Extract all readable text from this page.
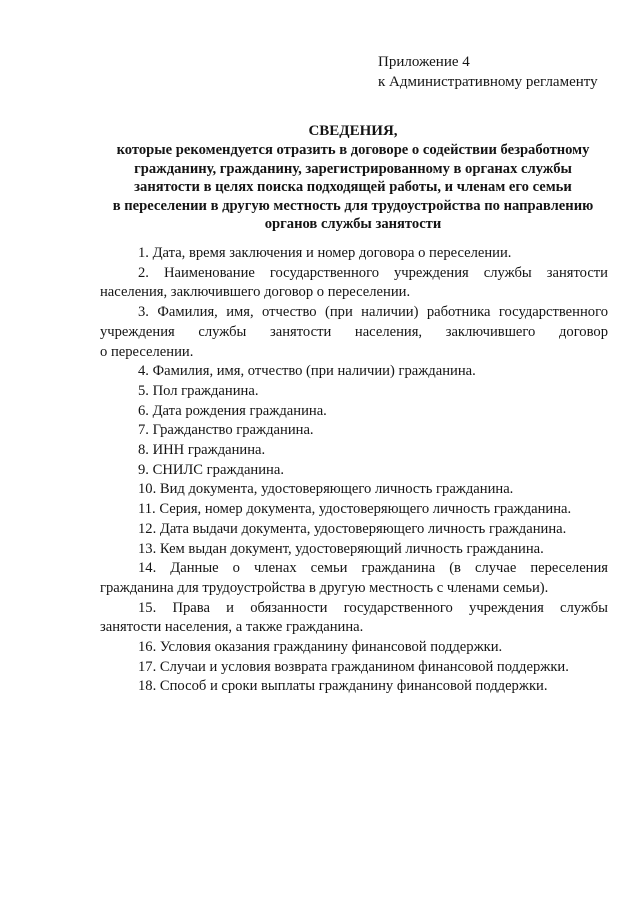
Приложение 4
к Административному регламенту
СВЕДЕНИЯ,
которые рекомендуется отразить в договоре о содействии безработному
гражданину, гражданину, зарегистрированному в органах службы
занятости в целях поиска подходящей работы, и членам его семьи
в переселении в другую местность для трудоустройства по направлению
органов службы занятости

1. Дата, время заключения и номер договора о переселении.

2. Наименование государственного учреждения службы занятости
населения, заключившего договор о переселении.

3. Фамилия, имя, отчество (при наличии) работника государственного
учреждения службы занятости населения, заключившего договор
о переселении.

4. Фамилия, имя, отчество (при наличии) гражданина.

5. Пол гражданина.

6. Дата рождения гражданина.

7. Гражданство гражданина.

8. ИНН гражданина.

9. СНИЛС гражданина.

10. Вид документа, удостоверяющего личность гражданина.

11. Серия, номер документа, удостоверяющего личность гражданина.

12. Дата выдачи документа, удостоверяющего личность гражданина.

13. Кем выдан документ, удостоверяющий личность гражданина.

14. Данные о членах семьи гражданина (в случае переселения
гражданина для трудоустройства в другую местность с членами семьи).

15. Права и обязанности государственного учреждения службы
занятости населения, а также гражданина.

16. Условия оказания гражданину финансовой поддержки.

17. Случаи и условия возврата гражданином финансовой поддержки.

18. Способ и сроки выплаты гражданину финансовой поддержки.
